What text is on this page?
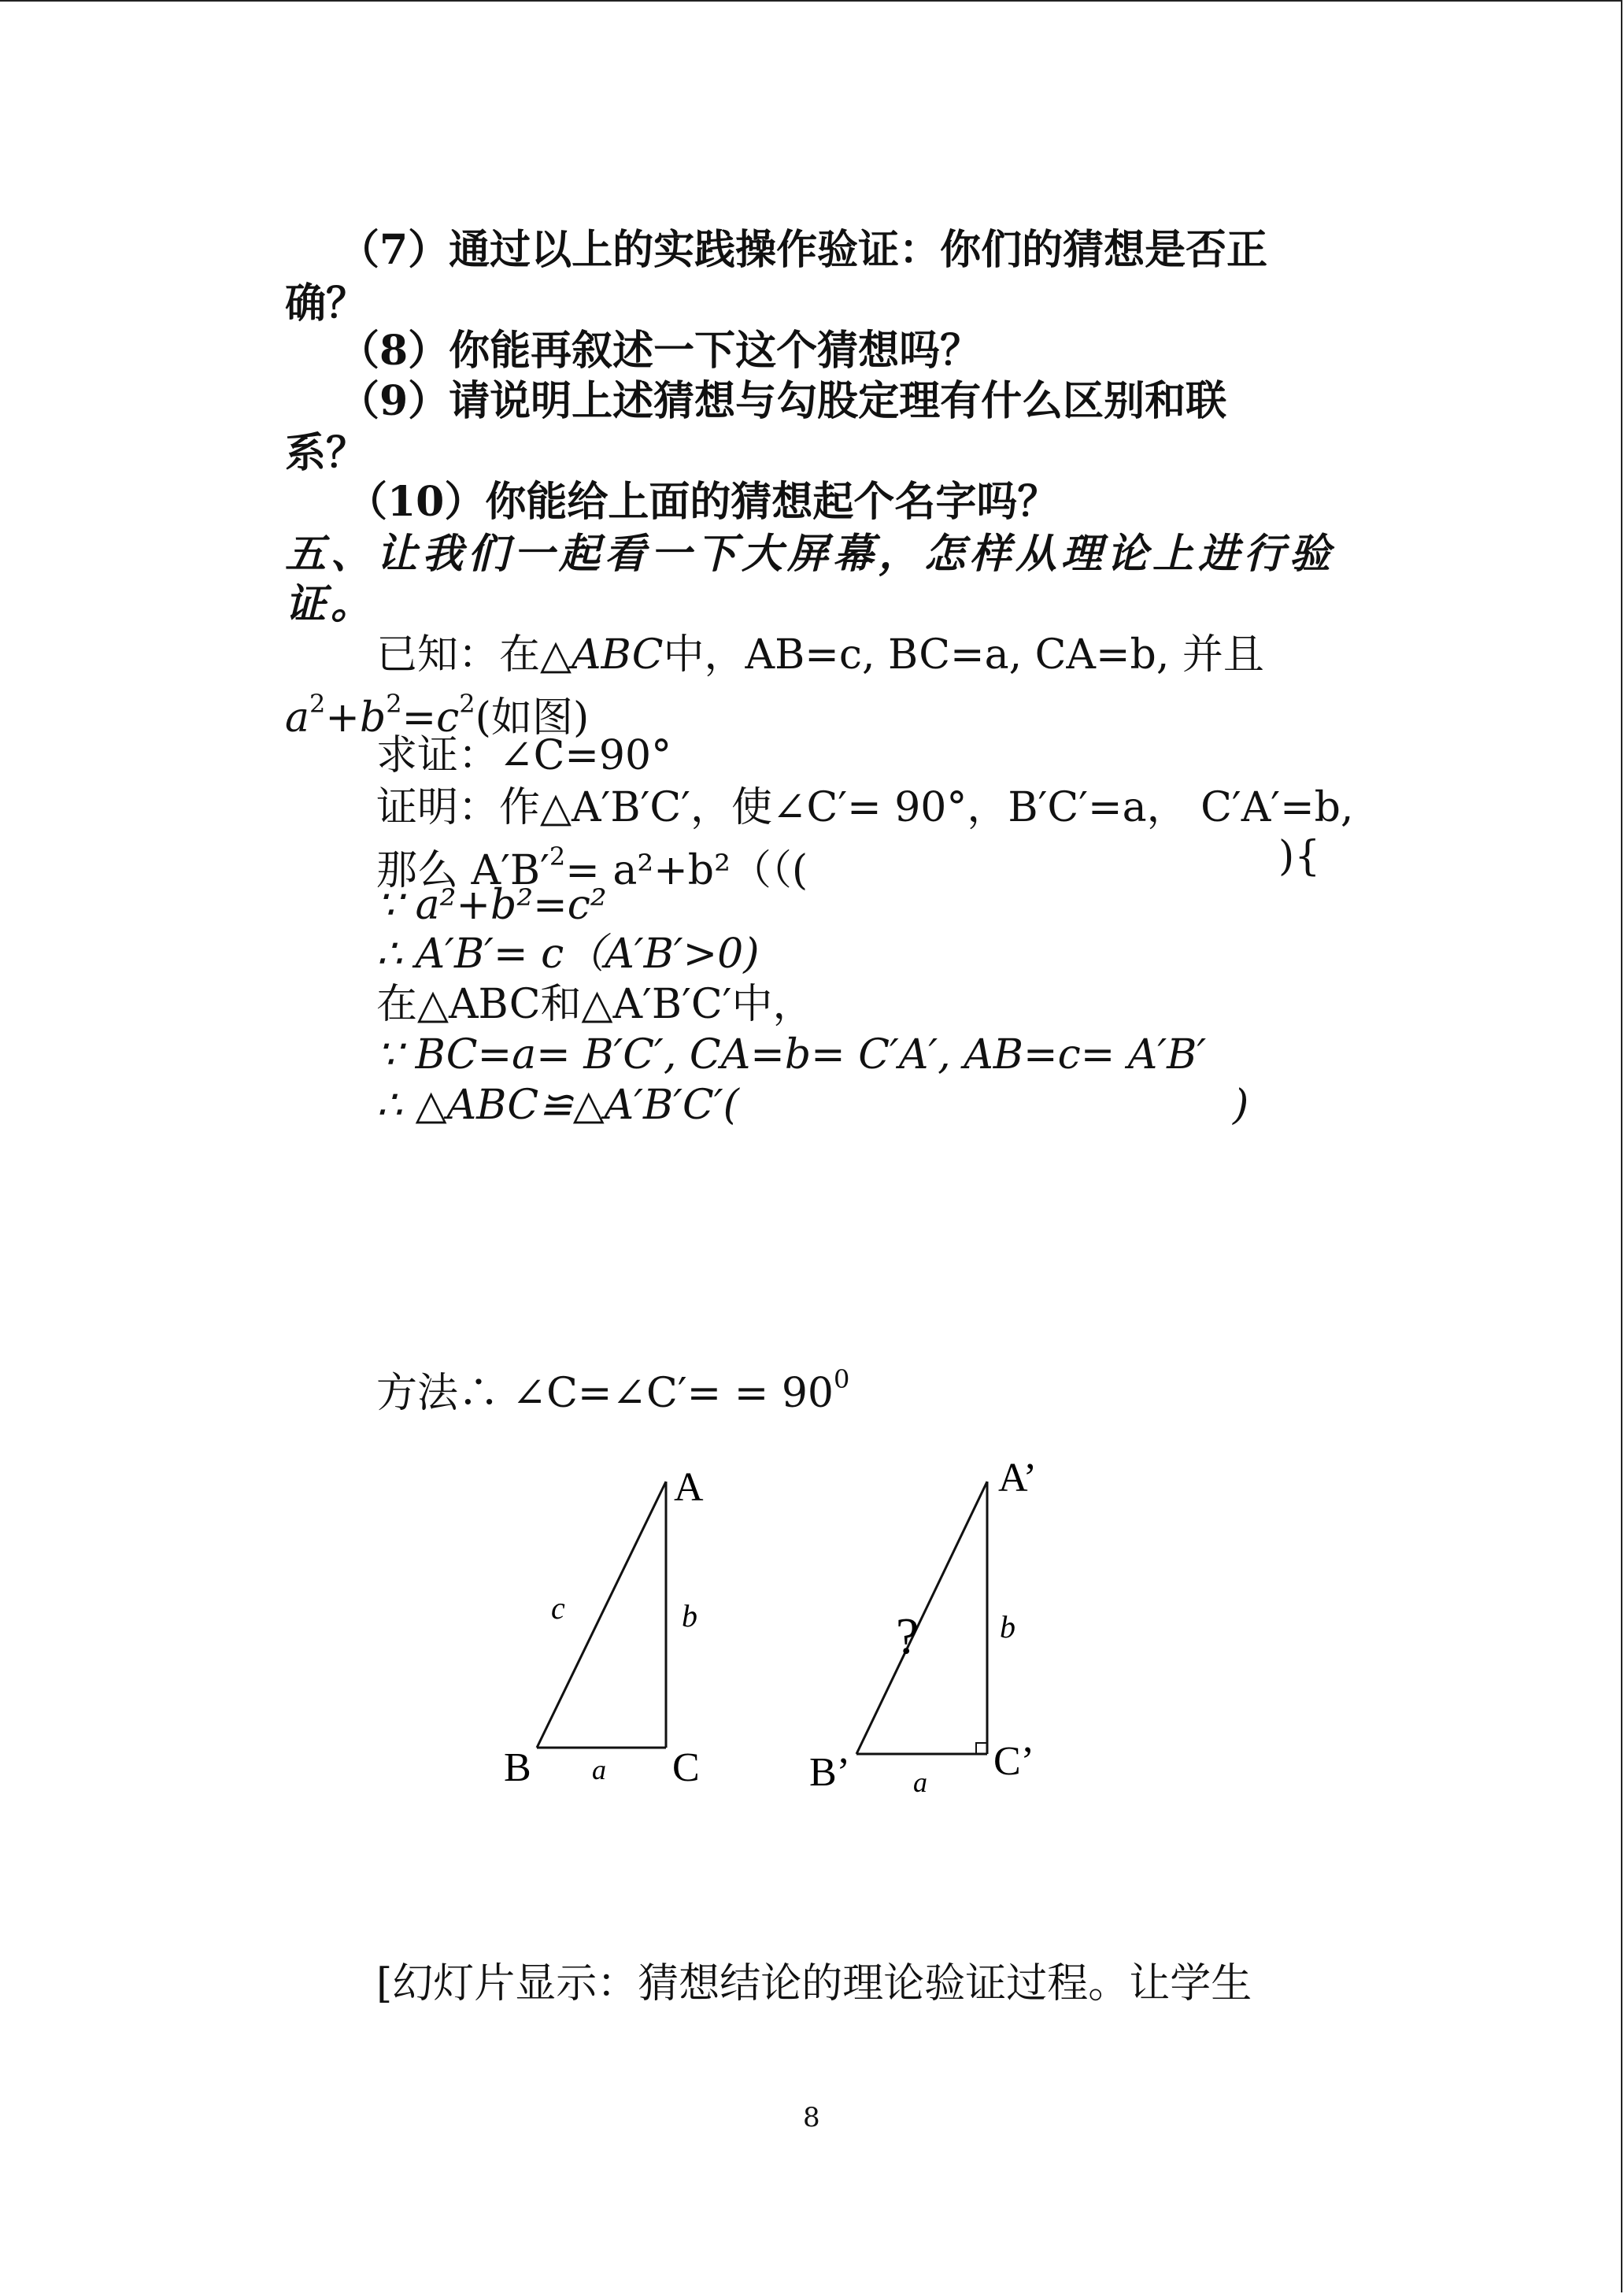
（7）通过以上的实践操作验证：你们的猜想是否正
确？
（8）你能再叙述一下这个猜想吗？
（9）请说明上述猜想与勾股定理有什么区别和联
系？
（10）你能给上面的猜想起个名字吗？
五、让我们一起看一下大屏幕，怎样从理论上进行验
证。
已知：在△ABC中，AB=c, BC=a, CA=b, 并且
$a^2+b^2=c^2$(如图)
求证：∠C=90°
证明：作△A′B′C′，使∠C′= 90°，B′C′=a， C′A′=b,
那么 $A'B'^2= a^2+b^2$（（(	){
∵ a²+b²=c²
∴ A′B′= c（A′B′>0)
在△ABC和△A′B′C′中，
∵ BC=a= B′C′, CA=b= C′A′, AB=c= A′B′
∴ △ABC≌△A′B′C′(	)
方法∴ ∠C=∠C′= = $90^0$
A
B	C
c	b
a
A’
B’	C’
?	b
a
[幻灯片显示：猜想结论的理论验证过程。让学生
8
